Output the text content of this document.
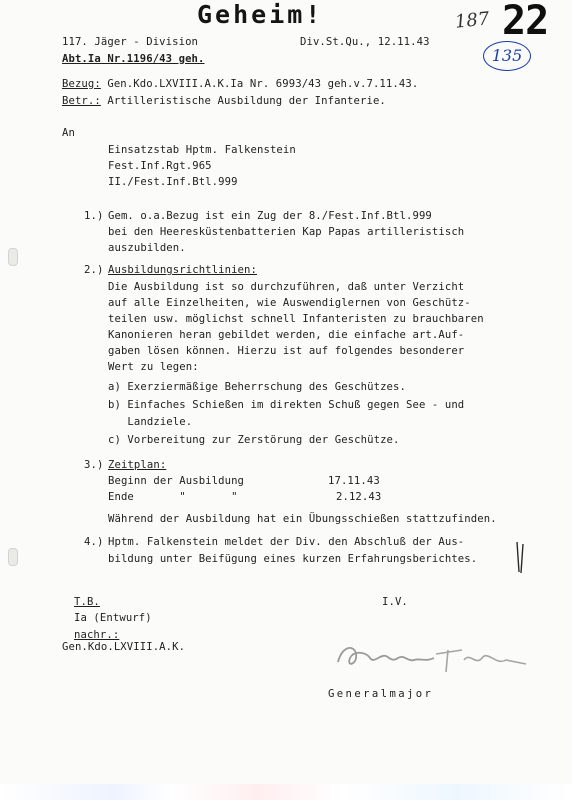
Geheim!	187 22
135
117. Jäger - Division	Div.St.Qu., 12.11.43
Abt.Ia Nr.1196/43 geh.
Bezug: Gen.Kdo.LXVIII.A.K.Ia Nr. 6993/43 geh.v.7.11.43.
Betr.: Artilleristische Ausbildung der Infanterie.
An
Einsatzstab Hptm. Falkenstein
Fest.Inf.Rgt.965
II./Fest.Inf.Btl.999
1.) Gem. o.a.Bezug ist ein Zug der 8./Fest.Inf.Btl.999
bei den Heeresküstenbatterien Kap Papas artilleristisch
auszubilden.
2.) Ausbildungsrichtlinien:
Die Ausbildung ist so durchzuführen, daß unter Verzicht
auf alle Einzelheiten, wie Auswendiglernen von Geschütz-
teilen usw. möglichst schnell Infanteristen zu brauchbaren
Kanonieren heran gebildet werden, die einfache art.Auf-
gaben lösen können. Hierzu ist auf folgendes besonderer
Wert zu legen:
a) Exerziermäßige Beherrschung des Geschützes.
b) Einfaches Schießen im direkten Schuß gegen See - und
Landziele.
c) Vorbereitung zur Zerstörung der Geschütze.
3.) Zeitplan:
Beginn der Ausbildung	17.11.43
Ende       "       "	2.12.43
Während der Ausbildung hat ein Übungsschießen stattzufinden.
4.) Hptm. Falkenstein meldet der Div. den Abschluß der Aus-
bildung unter Beifügung eines kurzen Erfahrungsberichtes.
T.B.
Ia (Entwurf)
nachr.:
Gen.Kdo.LXVIII.A.K.
I.V.
Generalmajor
